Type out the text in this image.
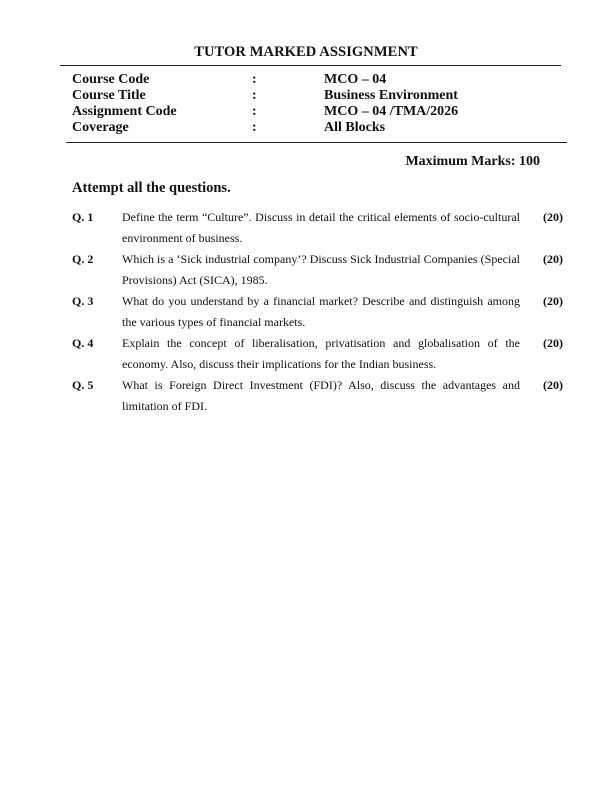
TUTOR MARKED ASSIGNMENT
Course Code	:	MCO – 04
Course Title	:	Business Environment
Assignment Code	:	MCO – 04 /TMA/2026
Coverage	:	All Blocks
Maximum Marks: 100
Attempt all the questions.
Q. 1 Define the term “Culture”. Discuss in detail the critical elements of socio-cultural environment of business.
(20)
Q. 2 Which is a ‘Sick industrial company’? Discuss Sick Industrial Companies (Special Provisions) Act (SICA), 1985.
(20)
Q. 3 What do you understand by a financial market? Describe and distinguish among the various types of financial markets.
(20)
Q. 4 Explain the concept of liberalisation, privatisation and globalisation of the economy. Also, discuss their implications for the Indian business.
(20)
Q. 5 What is Foreign Direct Investment (FDI)? Also, discuss the advantages and limitation of FDI.
(20)
